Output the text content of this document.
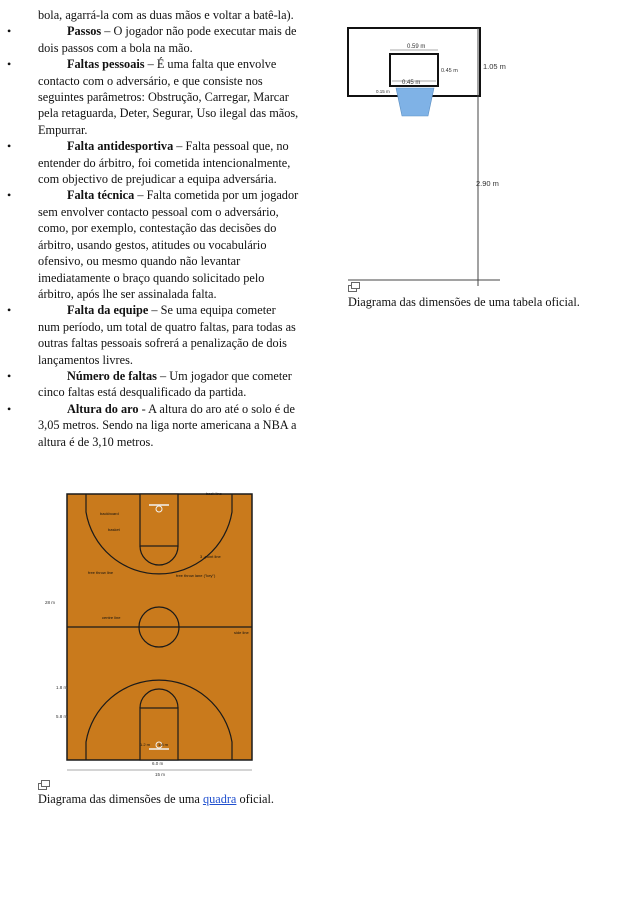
bola, agarrá-la com as duas mãos e voltar a batê-la).

•	Passos – O jogador não pode executar mais de dois passos com a bola na mão.

•	Faltas pessoais – É uma falta que envolve contacto com o adversário, e que consiste nos seguintes parâmetros: Obstrução, Carregar, Marcar pela retaguarda, Deter, Segurar, Uso ilegal das mãos, Empurrar.

•	Falta antidesportiva – Falta pessoal que, no entender do árbitro, foi cometida intencionalmente, com objectivo de prejudicar a equipa adversária.

•	Falta técnica – Falta cometida por um jogador sem envolver contacto pessoal com o adversário, como, por exemplo, contestação das decisões do árbitro, usando gestos, atitudes ou vocabulário ofensivo, ou mesmo quando não levantar imediatamente o braço quando solicitado pelo árbitro, após lhe ser assinalada falta.

•	Falta da equipe – Se uma equipa cometer num período, um total de quatro faltas, para todas as outras faltas pessoais sofrerá a penalização de dois lançamentos livres.

•	Número de faltas – Um jogador que cometer cinco faltas está desqualificado da partida.

•	Altura do aro - A altura do aro até o solo é de 3,05 metros. Sendo na liga norte americana a NBA a altura é de 3,10 metros.

0.59 m
0.45 m
0.45 m
0.15 m
1.05 m
2.90 m
Diagrama das dimensões de uma tabela oficial.
backboard
basket
back line
free throw line
3 -point line
free throw lane ("key")
centre line
side line
28 m
1.8 m
5.8 m
1.2 m 1.8 m
6.0 m
15 m
Diagrama das dimensões de uma quadra oficial.
